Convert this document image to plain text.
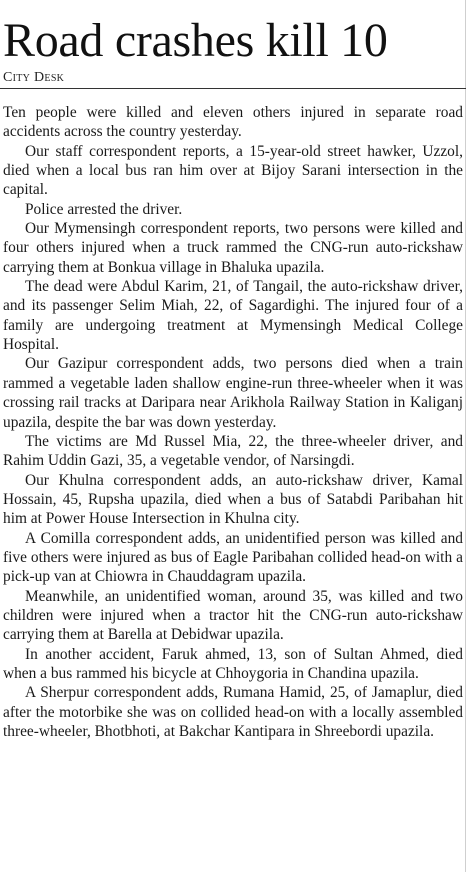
Road crashes kill 10
City Desk

Ten people were killed and eleven others injured in separate road accidents across the country yesterday.

Our staff correspondent reports, a 15-year-old street hawker, Uzzol, died when a local bus ran him over at Bijoy Sarani intersection in the capital.

Police arrested the driver.

Our Mymensingh correspondent reports, two persons were killed and four others injured when a truck rammed the CNG-run auto-rickshaw carrying them at Bonkua village in Bhaluka upazila.

The dead were Abdul Karim, 21, of Tangail, the auto-rickshaw driver, and its passenger Selim Miah, 22, of Sagardighi. The injured four of a family are undergoing treatment at Mymensingh Medical College Hospital.

Our Gazipur correspondent adds, two persons died when a train rammed a vegetable laden shallow engine-run three-wheeler when it was crossing rail tracks at Daripara near Arikhola Railway Station in Kaliganj upazila, despite the bar was down yesterday.

The victims are Md Russel Mia, 22, the three-wheeler driver, and Rahim Uddin Gazi, 35, a vegetable vendor, of Narsingdi.

Our Khulna correspondent adds, an auto-rickshaw driver, Kamal Hossain, 45, Rupsha upazila, died when a bus of Satabdi Paribahan hit him at Power House Intersection in Khulna city.

A Comilla correspondent adds, an unidentified person was killed and five others were injured as bus of Eagle Paribahan collided head-on with a pick-up van at Chiowra in Chauddagram upazila.

Meanwhile, an unidentified woman, around 35, was killed and two children were injured when a tractor hit the CNG-run auto-rickshaw carrying them at Barella at Debidwar upazila.

In another accident, Faruk ahmed, 13, son of Sultan Ahmed, died when a bus rammed his bicycle at Chhoygoria in Chandina upazila.

A Sherpur correspondent adds, Rumana Hamid, 25, of Jamaplur, died after the motorbike she was on collided head-on with a locally assembled three-wheeler, Bhotbhoti, at Bakchar Kantipara in Shreebordi upazila.
